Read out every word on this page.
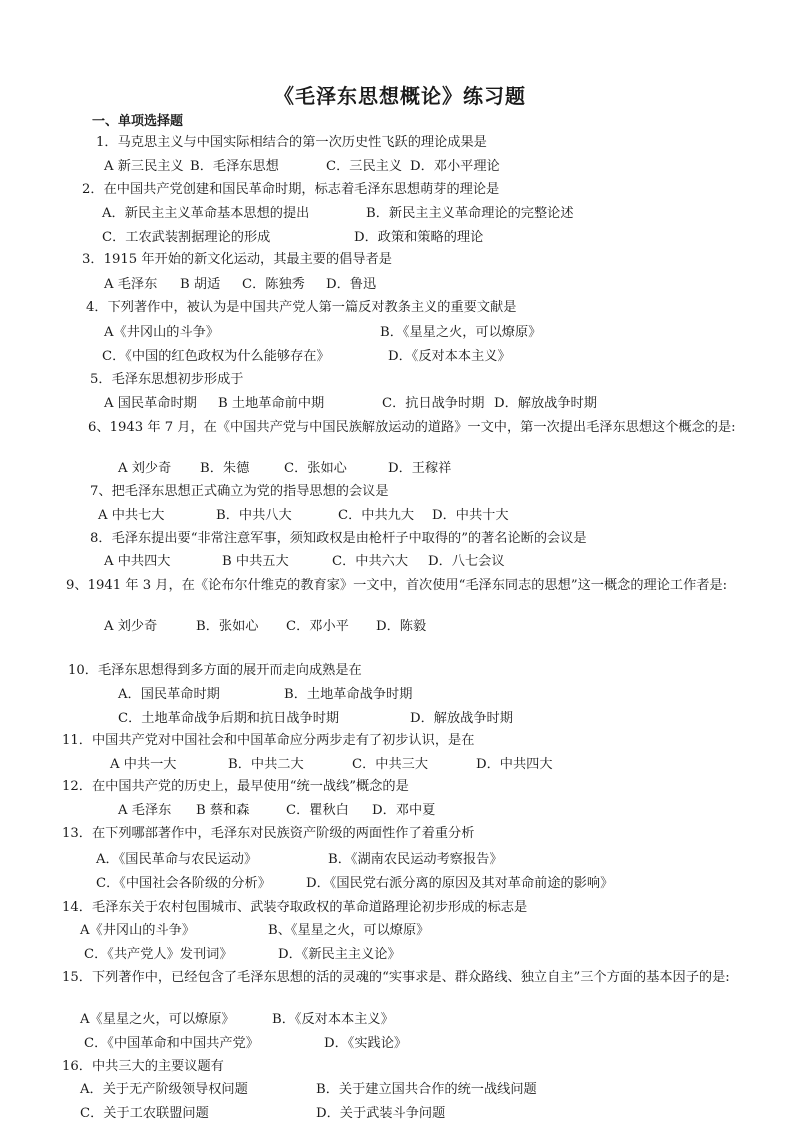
《毛泽东思想概论》练习题
一、单项选择题
1．马克思主义与中国实际相结合的第一次历史性飞跃的理论成果是
A 新三民主义 B．毛泽东思想	C．三民主义 D．邓小平理论
2．在中国共产党创建和国民革命时期，标志着毛泽东思想萌芽的理论是
A．新民主主义革命基本思想的提出	B．新民主主义革命理论的完整论述
C．工农武装割据理论的形成	D．政策和策略的理论
3．1915 年开始的新文化运动，其最主要的倡导者是
A 毛泽东 B 胡适 C．陈独秀 D．鲁迅
4．下列著作中，被认为是中国共产党人第一篇反对教条主义的重要文献是
A《井冈山的斗争》	B．《星星之火，可以燎原》
C．《中国的红色政权为什么能够存在》	D．《反对本本主义》
5．毛泽东思想初步形成于
A 国民革命时期 B 土地革命前中期	C．抗日战争时期 D．解放战争时期
6、1943 年 7 月，在《中国共产党与中国民族解放运动的道路》一文中，第一次提出毛泽东思想这个概念的是:
A 刘少奇 B．朱德	C．张如心	D．王稼祥
7、把毛泽东思想正式确立为党的指导思想的会议是
A 中共七大	B．中共八大	C．中共九大 D．中共十大
8．毛泽东提出要“非常注意军事，须知政权是由枪杆子中取得的”的著名论断的会议是
A 中共四大	B 中共五大	C．中共六大 D．八七会议
9、1941 年 3 月，在《论布尔什维克的教育家》一文中，首次使用“毛泽东同志的思想”这一概念的理论工作者是:
A 刘少奇	B．张如心 C．邓小平 D．陈毅
10．毛泽东思想得到多方面的展开而走向成熟是在
A．国民革命时期	B．土地革命战争时期
C．土地革命战争后期和抗日战争时期	D．解放战争时期
11．中国共产党对中国社会和中国革命应分两步走有了初步认识，是在
A 中共一大	B．中共二大	C．中共三大	D．中共四大
12．在中国共产党的历史上，最早使用“统一战线”概念的是
A 毛泽东 B 蔡和森	C．瞿秋白 D．邓中夏
13．在下列哪部著作中，毛泽东对民族资产阶级的两面性作了着重分析
A．《国民革命与农民运动》	B．《湖南农民运动考察报告》
C．《中国社会各阶级的分析》	D．《国民党右派分离的原因及其对革命前途的影响》
14．毛泽东关于农村包围城市、武装夺取政权的革命道路理论初步形成的标志是
A《井冈山的斗争》	B、《星星之火，可以燎原》
C．《共产党人》发刊词》	D．《新民主主义论》
15．下列著作中，已经包含了毛泽东思想的活的灵魂的“实事求是、群众路线、独立自主”三个方面的基本因子的是:
A《星星之火，可以燎原》	B．《反对本本主义》
C．《中国革命和中国共产党》	D．《实践论》
16．中共三大的主要议题有
A．关于无产阶级领导权问题	B．关于建立国共合作的统一战线问题
C．关于工农联盟问题	D．关于武装斗争问题
